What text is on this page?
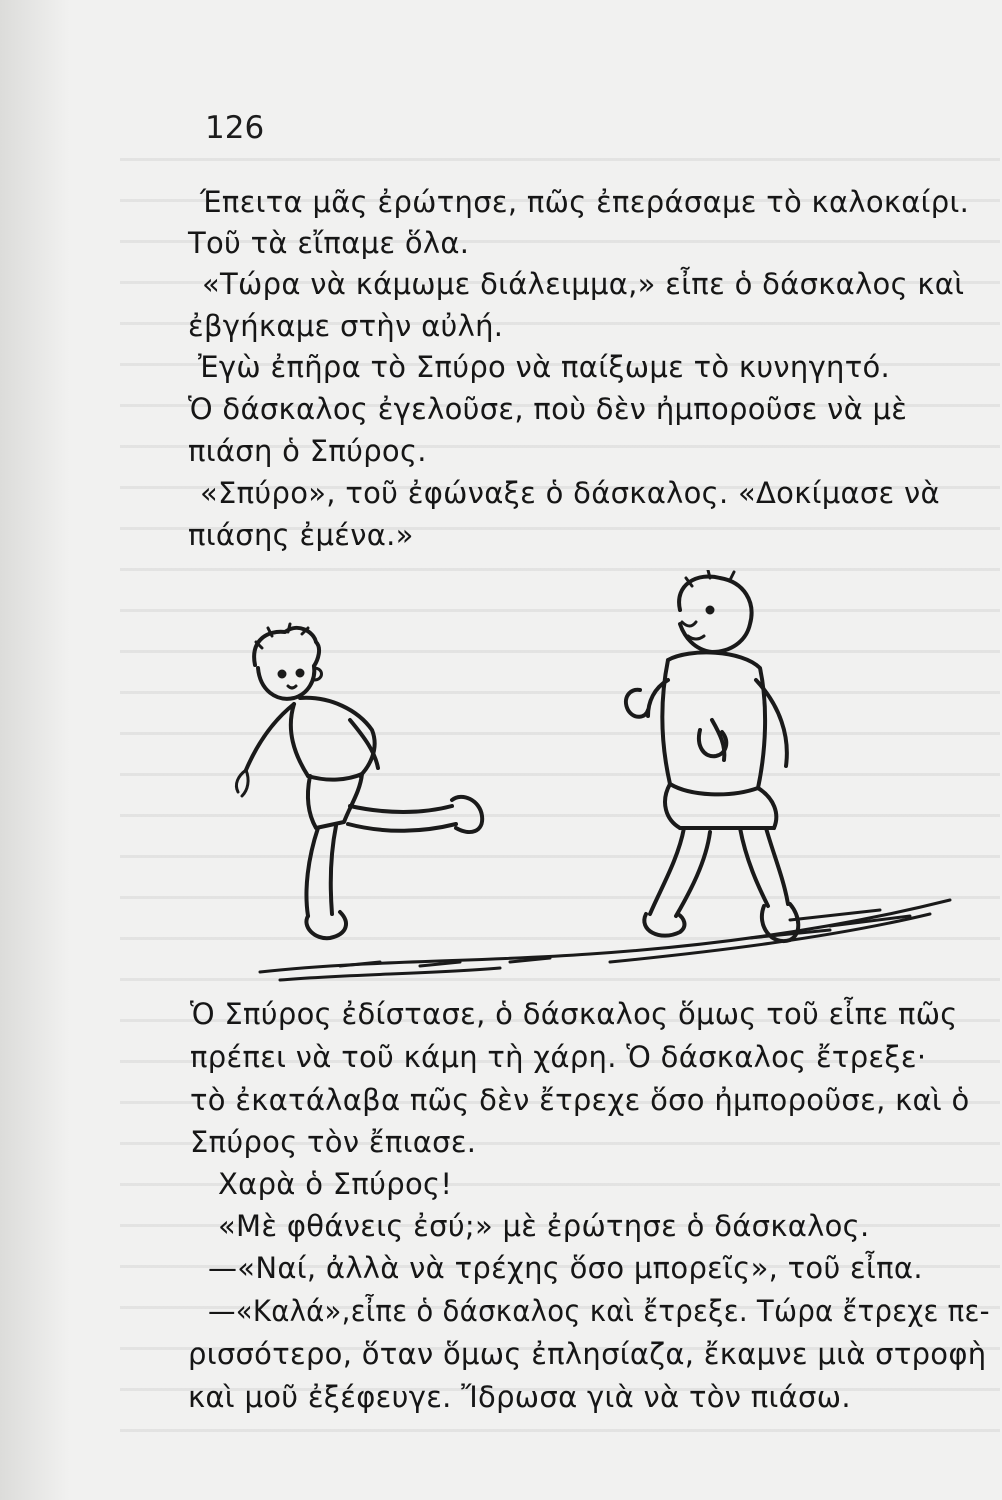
126
Έπειτα μᾶς ἐρώτησε, πῶς ἐπεράσαμε τὸ καλοκαίρι.
Τοῦ τὰ εἴπαμε ὅλα.
«Τώρα νὰ κάμωμε διάλειμμα,» εἶπε ὁ δάσκαλος καὶ
ἐβγήκαμε στὴν αὐλή.
Ἐγὼ ἐπῆρα τὸ Σπύρο νὰ παίξωμε τὸ κυνηγητό.
Ὁ δάσκαλος ἐγελοῦσε, ποὺ δὲν ἠμποροῦσε νὰ μὲ
πιάση ὁ Σπύρος.
«Σπύρο», τοῦ ἐφώναξε ὁ δάσκαλος. «Δοκίμασε νὰ
πιάσης ἐμένα.»
Ὁ Σπύρος ἐδίστασε, ὁ δάσκαλος ὅμως τοῦ εἶπε πῶς
πρέπει νὰ τοῦ κάμη τὴ χάρη. Ὁ δάσκαλος ἔτρεξε·
τὸ ἐκατάλαβα πῶς δὲν ἔτρεχε ὅσο ἠμποροῦσε, καὶ ὁ
Σπύρος τὸν ἔπιασε.
Χαρὰ ὁ Σπύρος!
«Μὲ φθάνεις ἐσύ;» μὲ ἐρώτησε ὁ δάσκαλος.
—«Ναί, ἀλλὰ νὰ τρέχης ὅσο μπορεῖς», τοῦ εἶπα.
—«Καλά»,εἶπε ὁ δάσκαλος καὶ ἔτρεξε. Τώρα ἔτρεχε πε-
ρισσότερο, ὅταν ὅμως ἐπλησίαζα, ἔκαμνε μιὰ στροφὴ
καὶ μοῦ ἐξέφευγε. Ἴδρωσα γιὰ νὰ τὸν πιάσω.
